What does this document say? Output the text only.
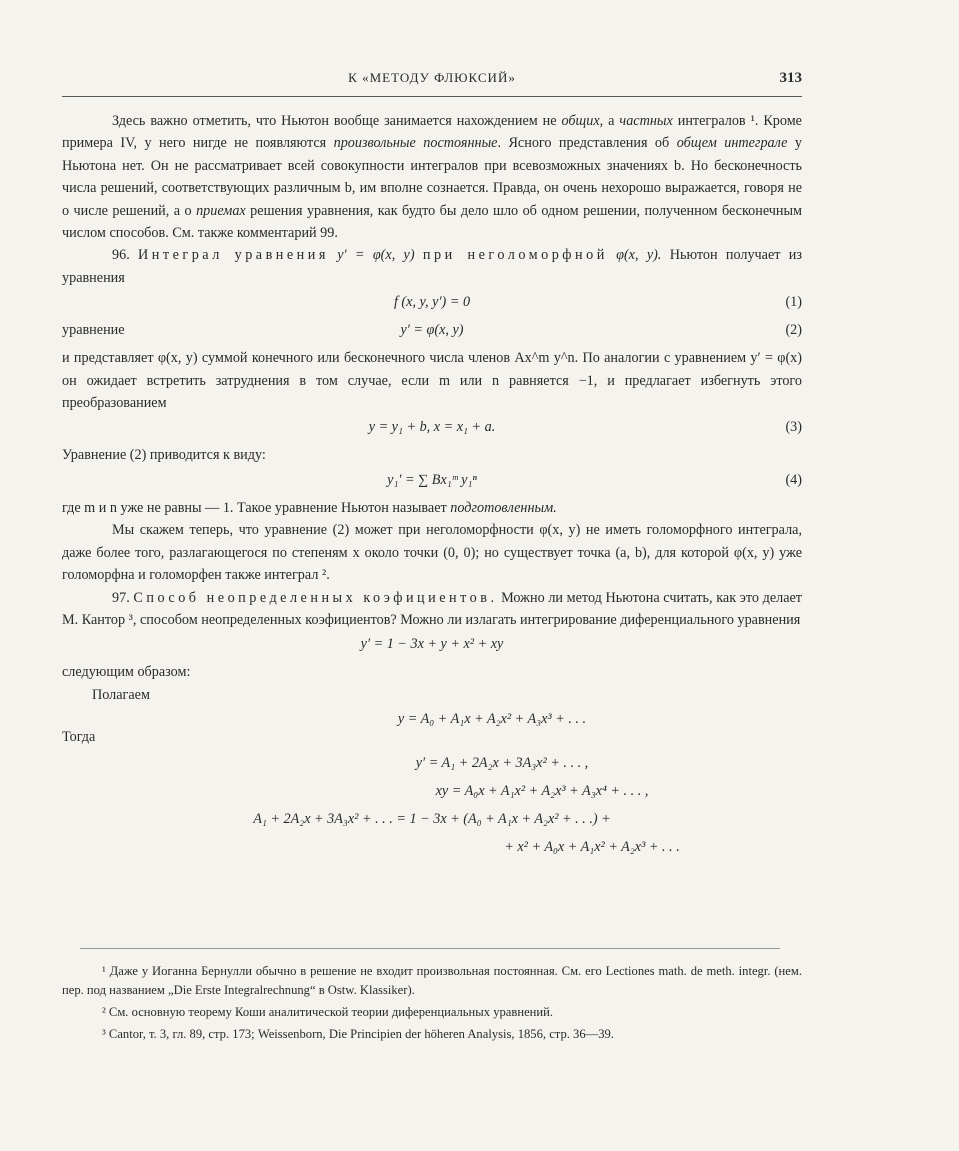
К «МЕТОДУ ФЛЮКСИЙ»	313

Здесь важно отметить, что Ньютон вообще занимается нахождением не общих, а частных интегралов ¹. Кроме примера IV, у него нигде не появляются произвольные постоянные. Ясного представления об общем интеграле у Ньютона нет. Он не рассматривает всей совокупности интегралов при всевозможных значениях b. Но бесконечность числа решений, соответствующих различным b, им вполне сознается. Правда, он очень нехорошо выражается, говоря не о числе решений, а о приемах решения уравнения, как будто бы дело шло об одном решении, полученном бесконечным числом способов. См. также комментарий 99.

96. Интеграл уравнения y′ = φ(x, y) при неголоморфной φ(x, y). Ньютон получает из уравнения

f (x, y, y′) = 0	(1)
уравнение	y′ = φ(x, y)	(2)

и представляет φ(x, y) суммой конечного или бесконечного числа членов Ax^m y^n. По аналогии с уравнением y′ = φ(x) он ожидает встретить затруднения в том случае, если m или n равняется −1, и предлагает избегнуть этого преобразованием

y = y₁ + b, x = x₁ + a.	(3)

Уравнение (2) приводится к виду:

y₁′ = ∑ Bx₁ᵐ y₁ⁿ	(4)

где m и n уже не равны — 1. Такое уравнение Ньютон называет подготовленным.

Мы скажем теперь, что уравнение (2) может при неголоморфности φ(x, y) не иметь голоморфного интеграла, даже более того, разлагающегося по степеням x около точки (0, 0); но существует точка (a, b), для которой φ(x, y) уже голоморфна и голоморфен также интеграл ².

97. Способ неопределенных коэфициентов. Можно ли метод Ньютона считать, как это делает М. Кантор ³, способом неопределенных коэфициентов? Можно ли излагать интегрирование диференциального уравнения

y′ = 1 − 3x + y + x² + xy

следующим образом:

Полагаем

Тогда
y = A₀ + A₁x + A₂x² + A₃x³ + . . .
y′ = A₁ + 2A₂x + 3A₃x² + . . . ,
xy = A₀x + A₁x² + A₂x³ + A₃x⁴ + . . . ,
A₁ + 2A₂x + 3A₃x² + . . . = 1 − 3x + (A₀ + A₁x + A₂x² + . . .) +
+ x² + A₀x + A₁x² + A₂x³ + . . .

¹ Даже у Иоганна Бернулли обычно в решение не входит произвольная постоянная. См. его Lectiones math. de meth. integr. (нем. пер. под названием „Die Erste Integralrechnung“ в Ostw. Klassiker).

² См. основную теорему Коши аналитической теории диференциальных уравнений.

³ Cantor, т. 3, гл. 89, стр. 173; Weissenborn, Die Principien der höheren Analysis, 1856, стр. 36—39.
